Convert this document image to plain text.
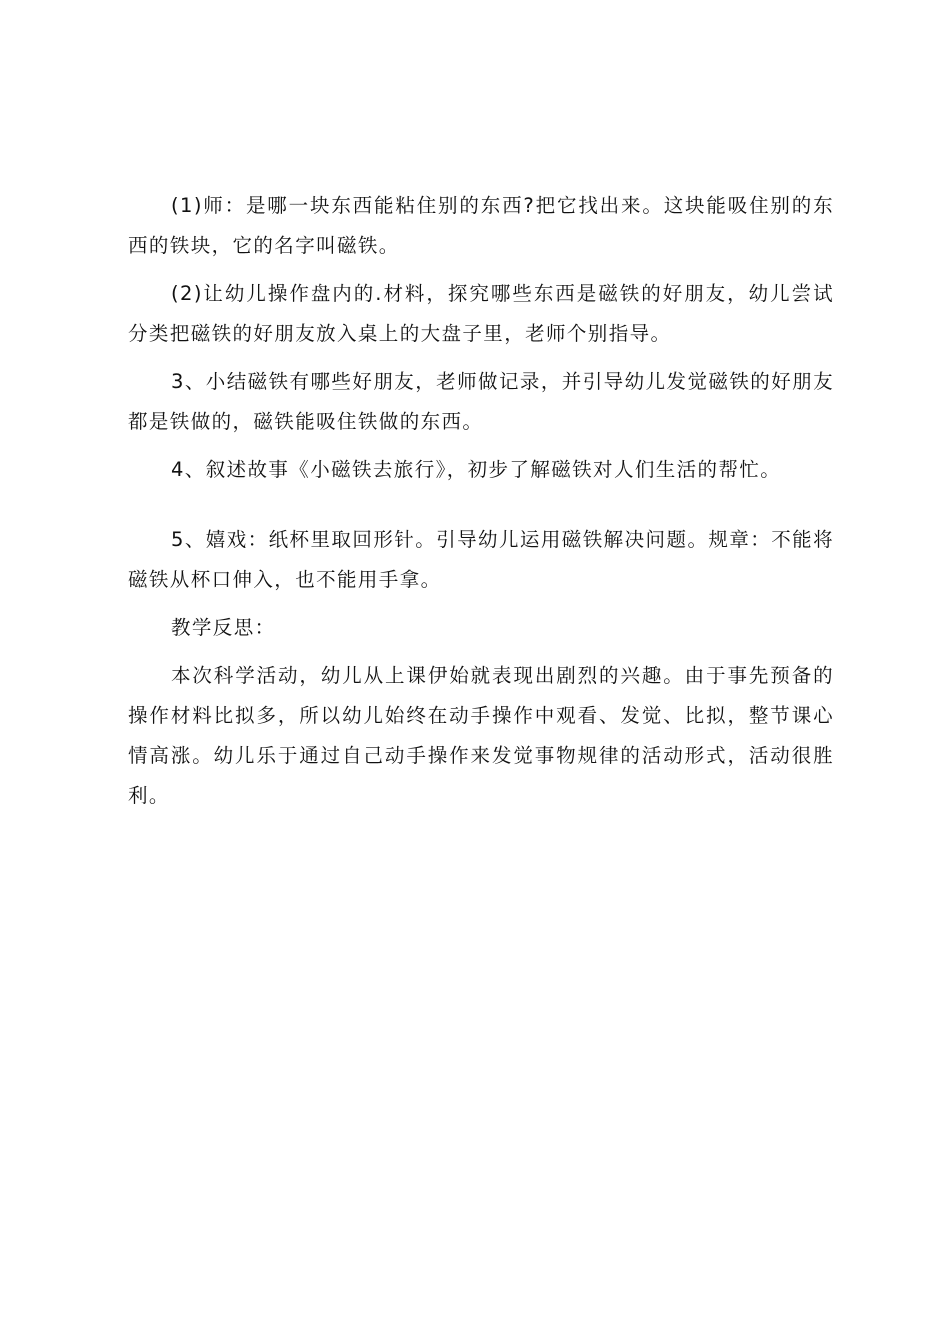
(1)师：是哪一块东西能粘住别的东西?把它找出来。这块能吸住别的东西的铁块，它的名字叫磁铁。

(2)让幼儿操作盘内的.材料，探究哪些东西是磁铁的好朋友，幼儿尝试分类把磁铁的好朋友放入桌上的大盘子里，老师个别指导。

3、小结磁铁有哪些好朋友，老师做记录，并引导幼儿发觉磁铁的好朋友都是铁做的，磁铁能吸住铁做的东西。

4、叙述故事《小磁铁去旅行》，初步了解磁铁对人们生活的帮忙。

5、嬉戏：纸杯里取回形针。引导幼儿运用磁铁解决问题。规章：不能将磁铁从杯口伸入，也不能用手拿。

教学反思：

本次科学活动，幼儿从上课伊始就表现出剧烈的兴趣。由于事先预备的操作材料比拟多，所以幼儿始终在动手操作中观看、发觉、比拟，整节课心情高涨。幼儿乐于通过自己动手操作来发觉事物规律的活动形式，活动很胜利。
